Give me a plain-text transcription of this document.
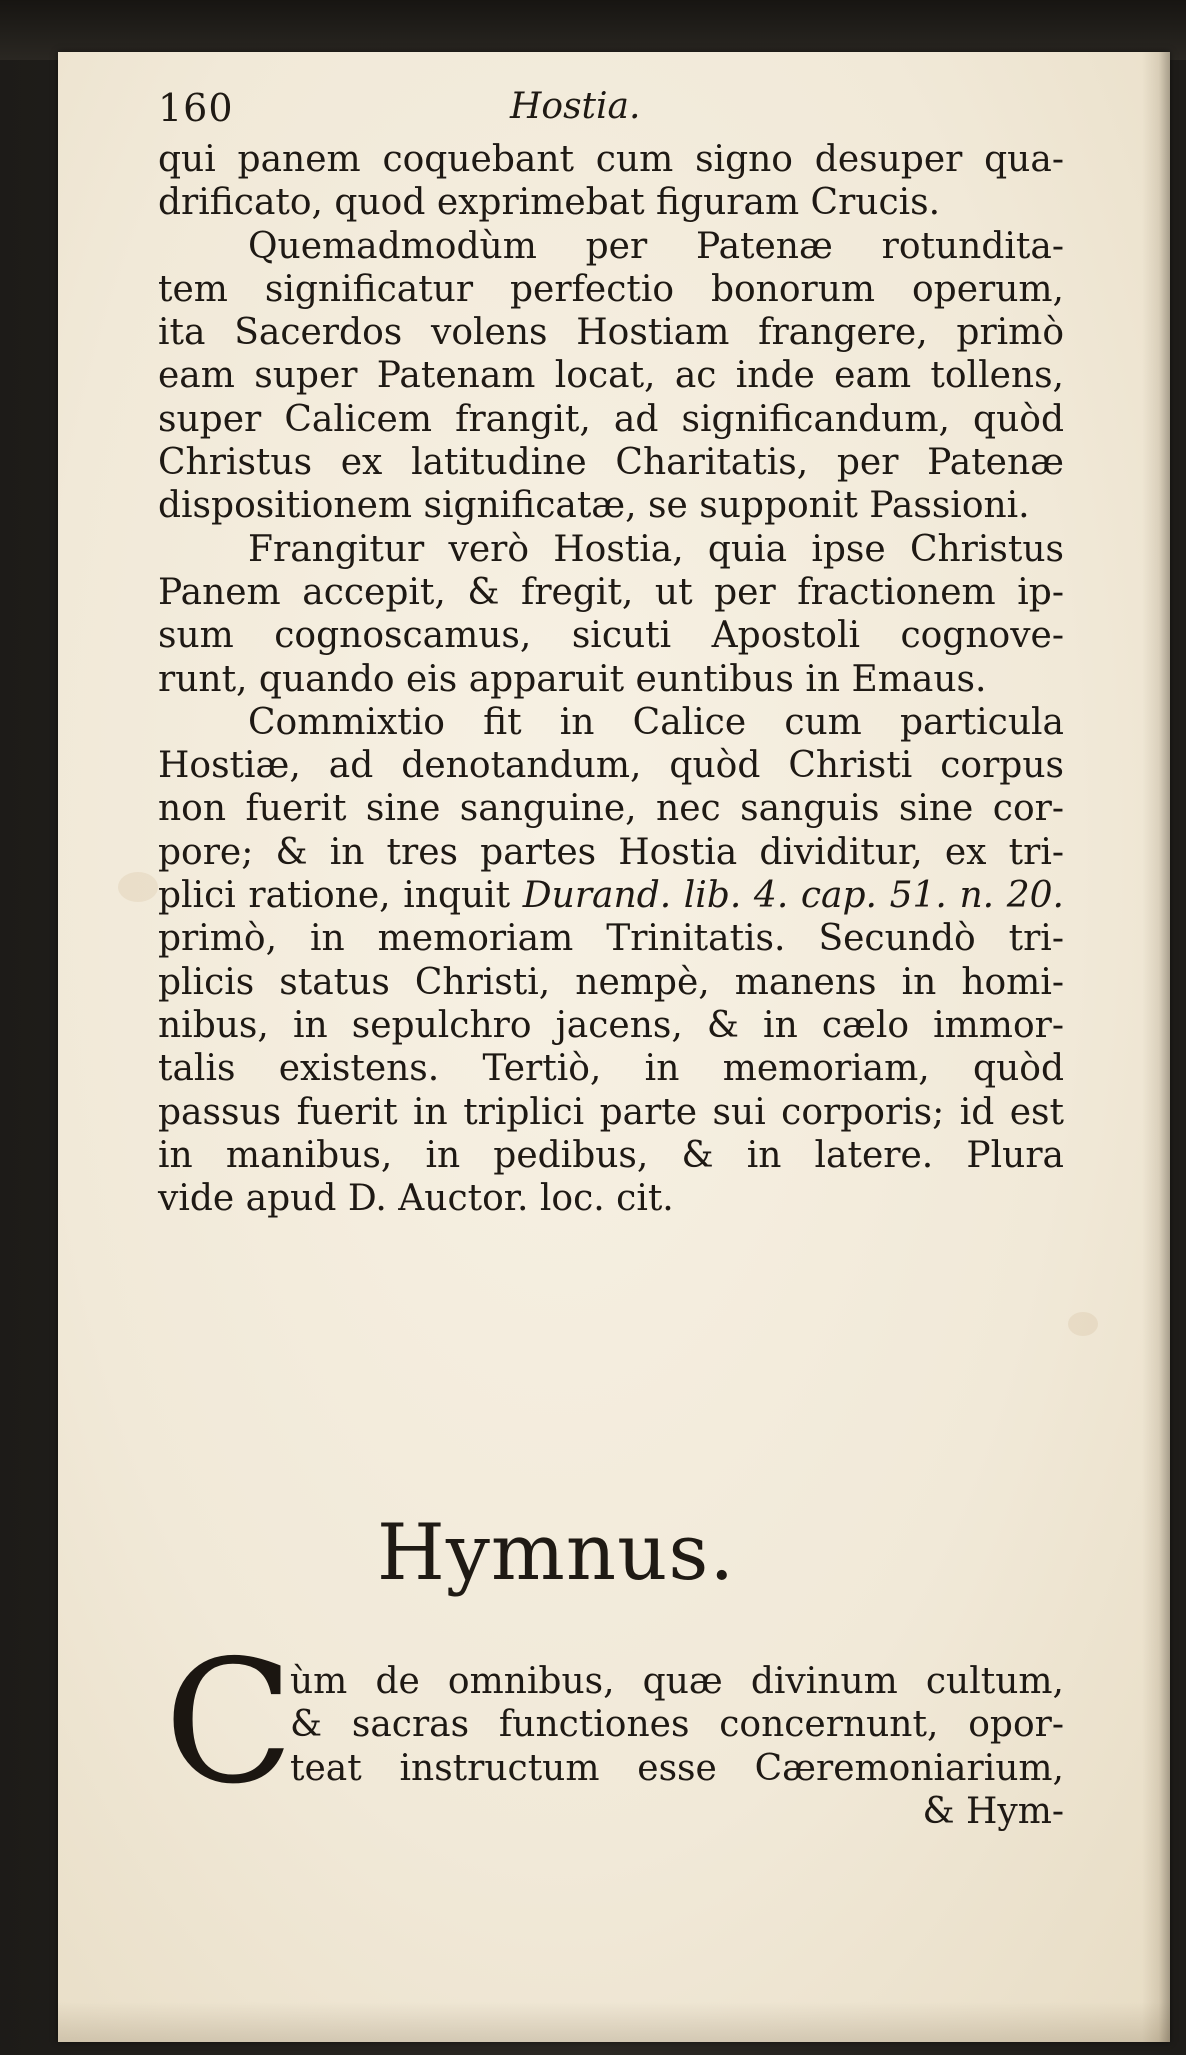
160	Hostia.
qui panem coquebant cum signo desuper qua-
drificato, quod exprimebat figuram Crucis.
Quemadmodùm per Patenæ rotundita-
tem significatur perfectio bonorum operum,
ita Sacerdos volens Hostiam frangere, primò
eam super Patenam locat, ac inde eam tollens,
super Calicem frangit, ad significandum, quòd
Christus ex latitudine Charitatis, per Patenæ
dispositionem significatæ, se supponit Passioni.
Frangitur verò Hostia, quia ipse Christus
Panem accepit, & fregit, ut per fractionem ip-
sum cognoscamus, sicuti Apostoli cognove-
runt, quando eis apparuit euntibus in Emaus.
Commixtio fit in Calice cum particula
Hostiæ, ad denotandum, quòd Christi corpus
non fuerit sine sanguine, nec sanguis sine cor-
pore; & in tres partes Hostia dividitur, ex tri-
plici ratione, inquit Durand. lib. 4. cap. 51. n. 20.
primò, in memoriam Trinitatis. Secundò tri-
plicis status Christi, nempè, manens in homi-
nibus, in sepulchro jacens, & in cælo immor-
talis existens. Tertiò, in memoriam, quòd
passus fuerit in triplici parte sui corporis; id est
in manibus, in pedibus, & in latere. Plura
vide apud D. Auctor. loc. cit.
Hymnus.
C
ùm de omnibus, quæ divinum cultum,
& sacras functiones concernunt, opor-
teat instructum esse Cæremoniarium,
& Hym-
